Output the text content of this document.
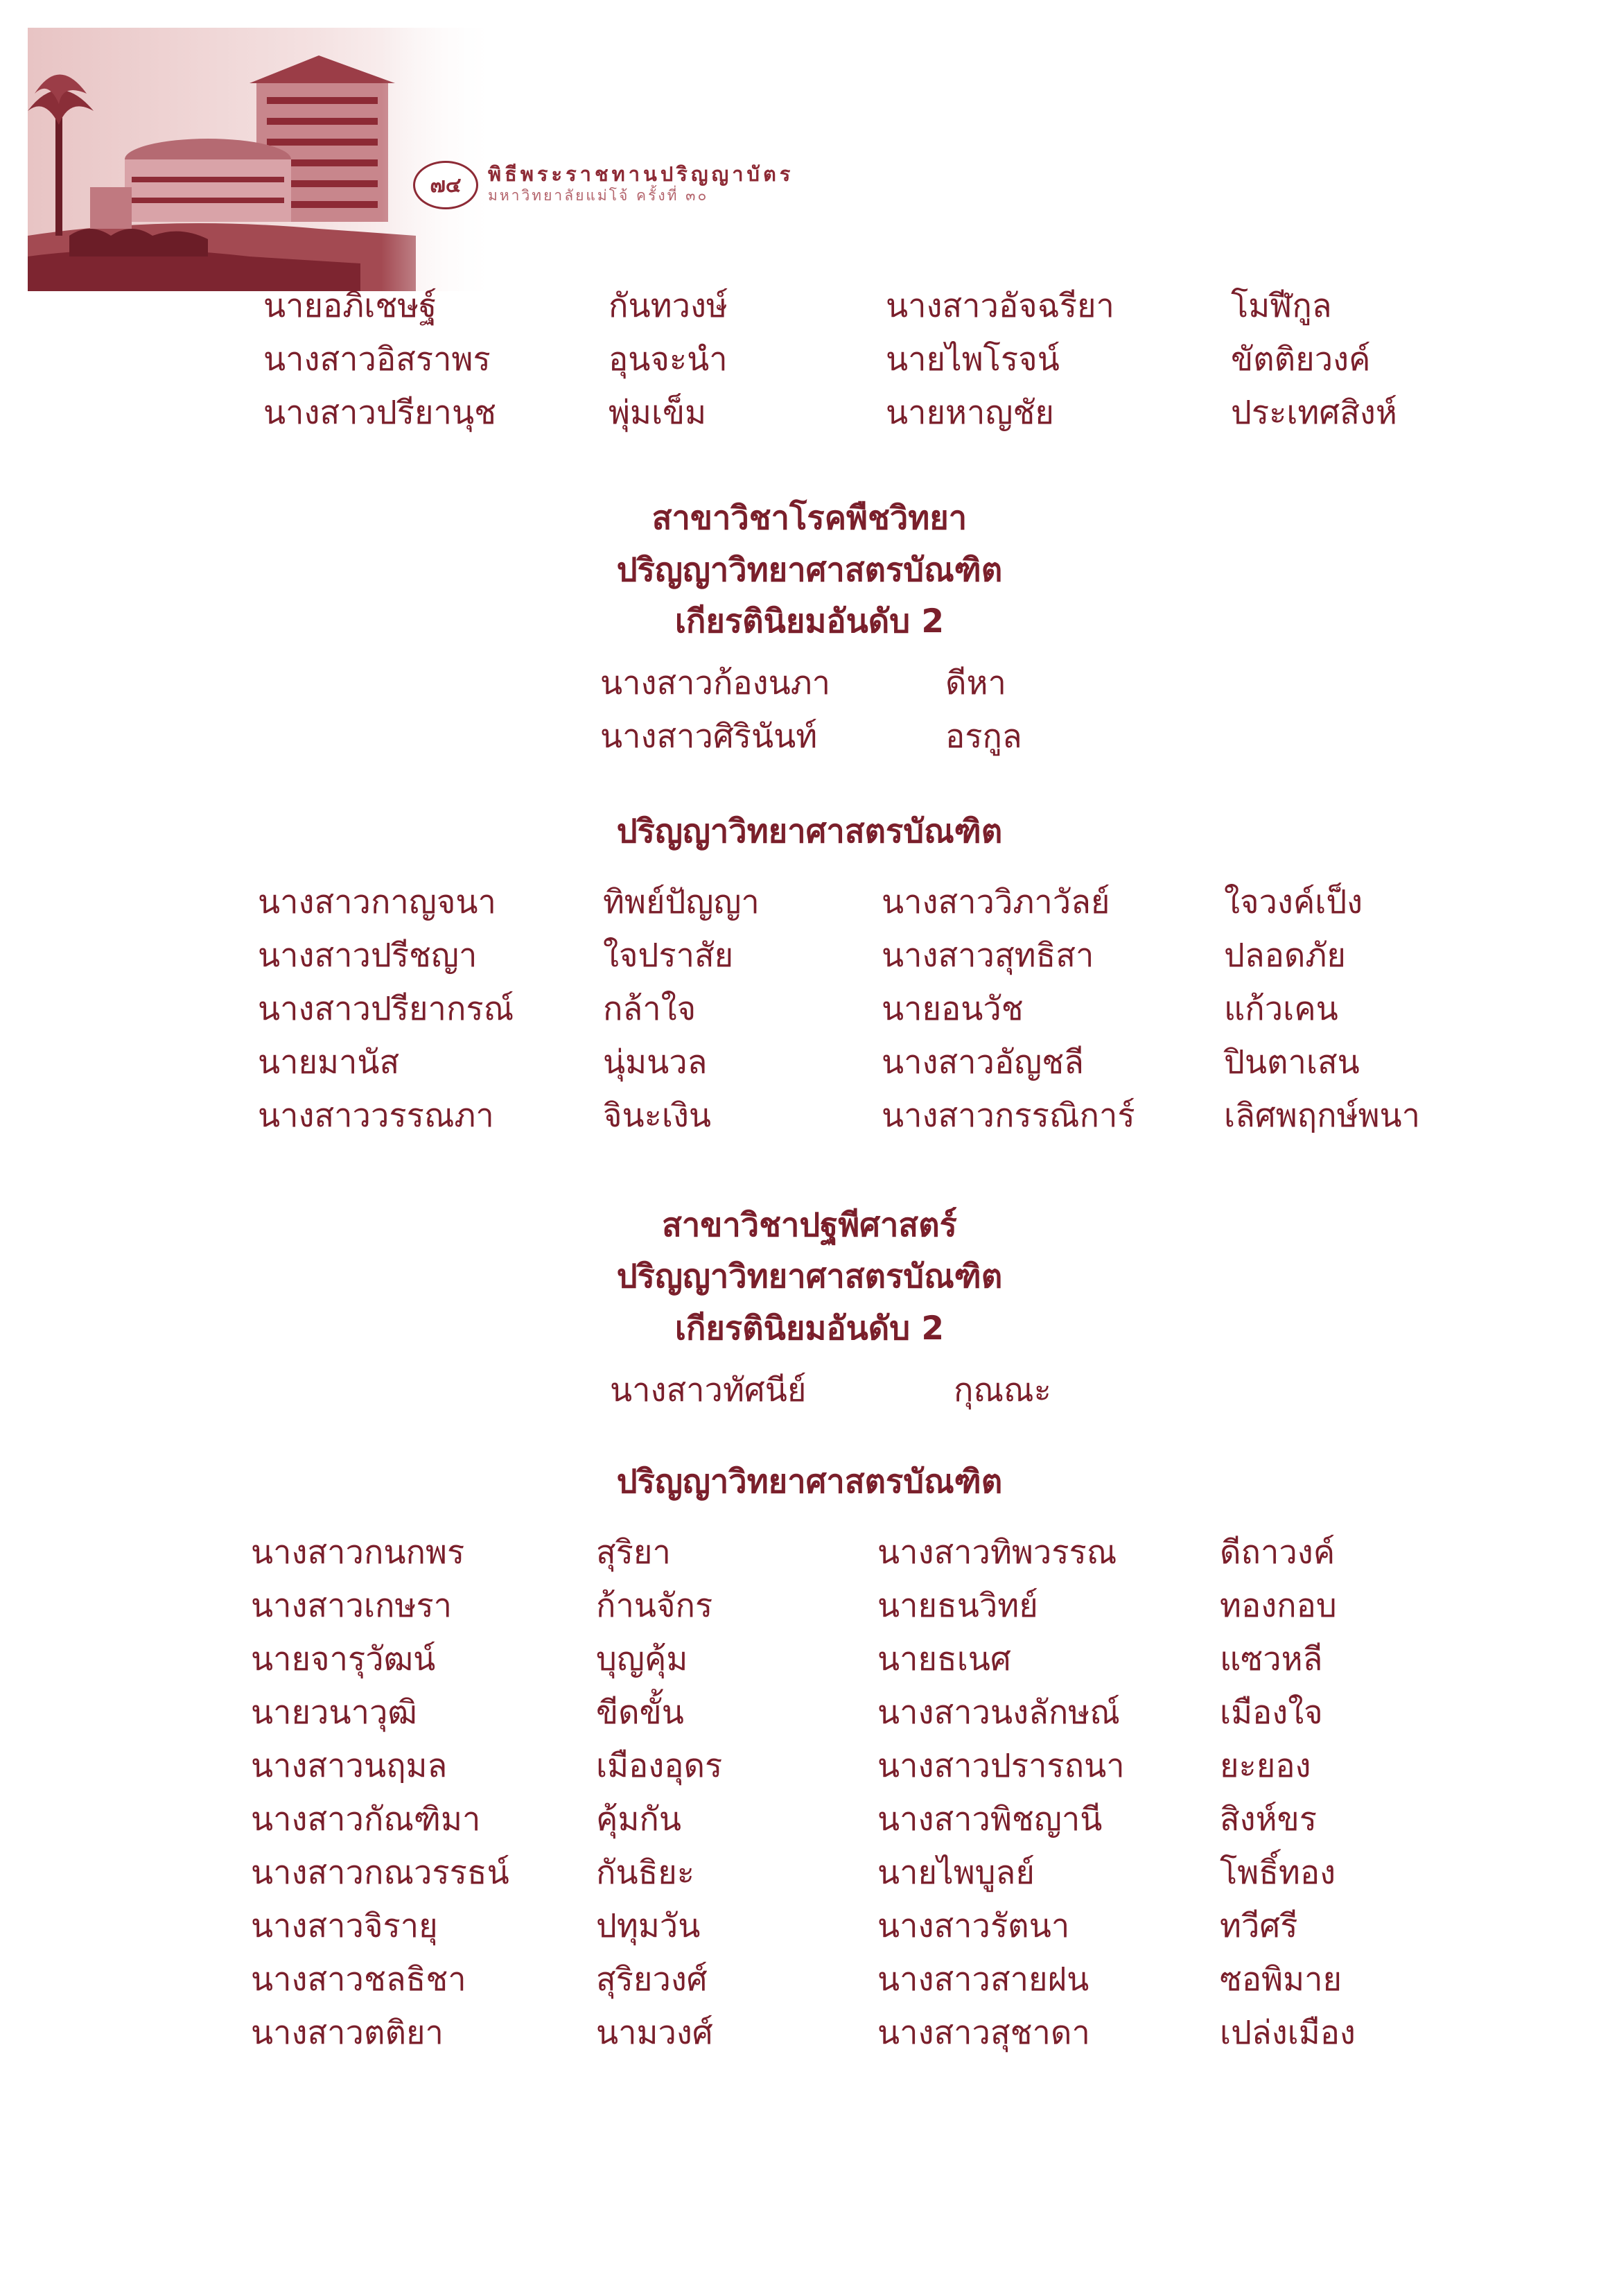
๗๔	พิธีพระราชทานปริญญาบัตร
มหาวิทยาลัยแม่โจ้ ครั้งที่ ๓๐
นายอภิเชษฐ์	กันทวงษ์	นางสาวอัจฉรียา	โมฬีกูล
นางสาวอิสราพร	อุนจะนำ	นายไพโรจน์	ขัตติยวงค์
นางสาวปรียานุช	พุ่มเข็ม	นายหาญชัย	ประเทศสิงห์
สาขาวิชาโรคพืชวิทยา
ปริญญาวิทยาศาสตรบัณฑิต
เกียรตินิยมอันดับ 2
นางสาวก้องนภา	ดีหา
นางสาวศิรินันท์	อรกูล
ปริญญาวิทยาศาสตรบัณฑิต
นางสาวกาญจนา	ทิพย์ปัญญา	นางสาววิภาวัลย์	ใจวงค์เป็ง
นางสาวปรีชญา	ใจปราสัย	นางสาวสุทธิสา	ปลอดภัย
นางสาวปรียากรณ์	กล้าใจ	นายอนวัช	แก้วเคน
นายมานัส	นุ่มนวล	นางสาวอัญชลี	ปินตาเสน
นางสาววรรณภา	จินะเงิน	นางสาวกรรณิการ์	เลิศพฤกษ์พนา
สาขาวิชาปฐพีศาสตร์
ปริญญาวิทยาศาสตรบัณฑิต
เกียรตินิยมอันดับ 2
นางสาวทัศนีย์	กุณณะ
ปริญญาวิทยาศาสตรบัณฑิต
นางสาวกนกพร	สุริยา	นางสาวทิพวรรณ	ดีถาวงค์
นางสาวเกษรา	ก้านจักร	นายธนวิทย์	ทองกอบ
นายจารุวัฒน์	บุญคุ้ม	นายธเนศ	แซวหลี
นายวนาวุฒิ	ขีดขั้น	นางสาวนงลักษณ์	เมืองใจ
นางสาวนฤมล	เมืองอุดร	นางสาวปรารถนา	ยะยอง
นางสาวกัณฑิมา	คุ้มกัน	นางสาวพิชญานี	สิงห์ขร
นางสาวกณวรรธน์	กันธิยะ	นายไพบูลย์	โพธิ์ทอง
นางสาวจิรายุ	ปทุมวัน	นางสาวรัตนา	ทวีศรี
นางสาวชลธิชา	สุริยวงศ์	นางสาวสายฝน	ซอพิมาย
นางสาวตติยา	นามวงศ์	นางสาวสุชาดา	เปล่งเมือง
